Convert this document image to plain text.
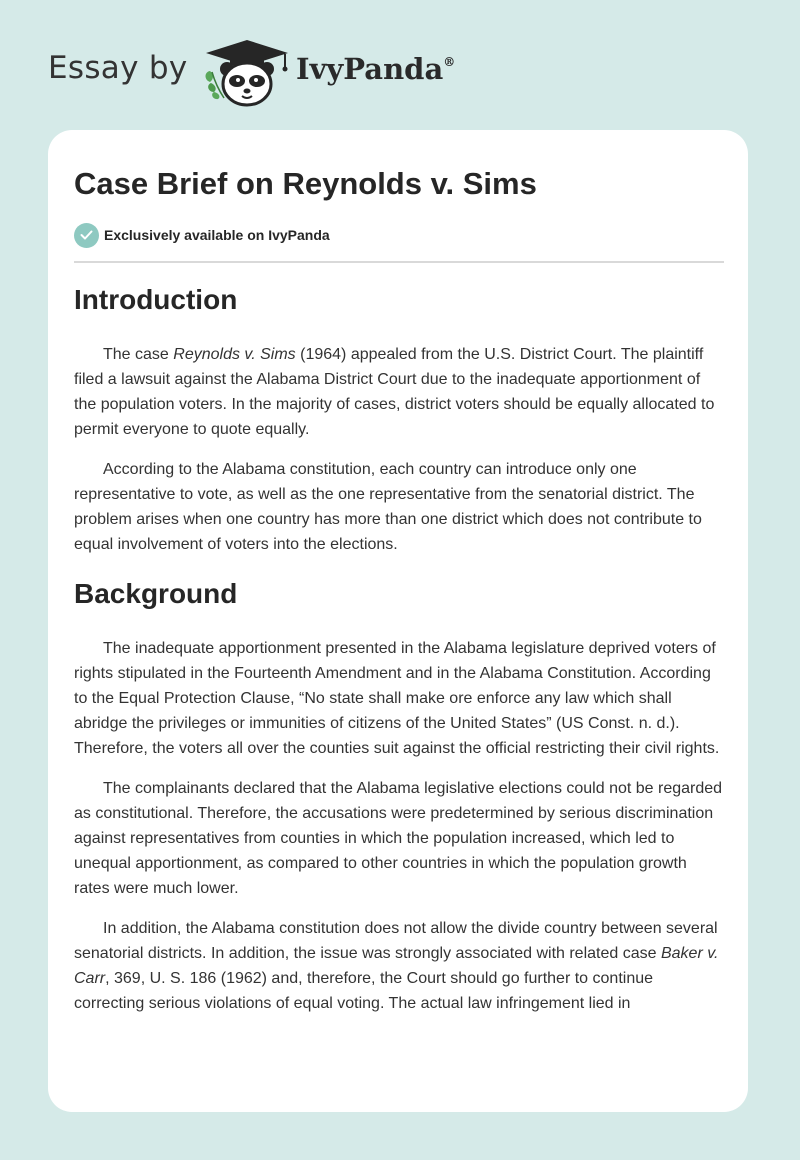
Essay by	IvyPanda®
Case Brief on Reynolds v. Sims
Exclusively available on IvyPanda
Introduction

The case Reynolds v. Sims (1964) appealed from the U.S. District Court. The plaintiff filed a lawsuit against the Alabama District Court due to the inadequate apportionment of the population voters. In the majority of cases, district voters should be equally allocated to permit everyone to quote equally.

According to the Alabama constitution, each country can introduce only one representative to vote, as well as the one representative from the senatorial district. The problem arises when one country has more than one district which does not contribute to equal involvement of voters into the elections.

Background

The inadequate apportionment presented in the Alabama legislature deprived voters of rights stipulated in the Fourteenth Amendment and in the Alabama Constitution. According to the Equal Protection Clause, “No state shall make ore enforce any law which shall abridge the privileges or immunities of citizens of the United States” (US Const. n. d.). Therefore, the voters all over the counties suit against the official restricting their civil rights.

The complainants declared that the Alabama legislative elections could not be regarded as constitutional. Therefore, the accusations were predetermined by serious discrimination against representatives from counties in which the population increased, which led to unequal apportionment, as compared to other countries in which the population growth rates were much lower.

In addition, the Alabama constitution does not allow the divide country between several senatorial districts. In addition, the issue was strongly associated with related case Baker v. Carr, 369, U. S. 186 (1962) and, therefore, the Court should go further to continue correcting serious violations of equal voting. The actual law infringement lied in
